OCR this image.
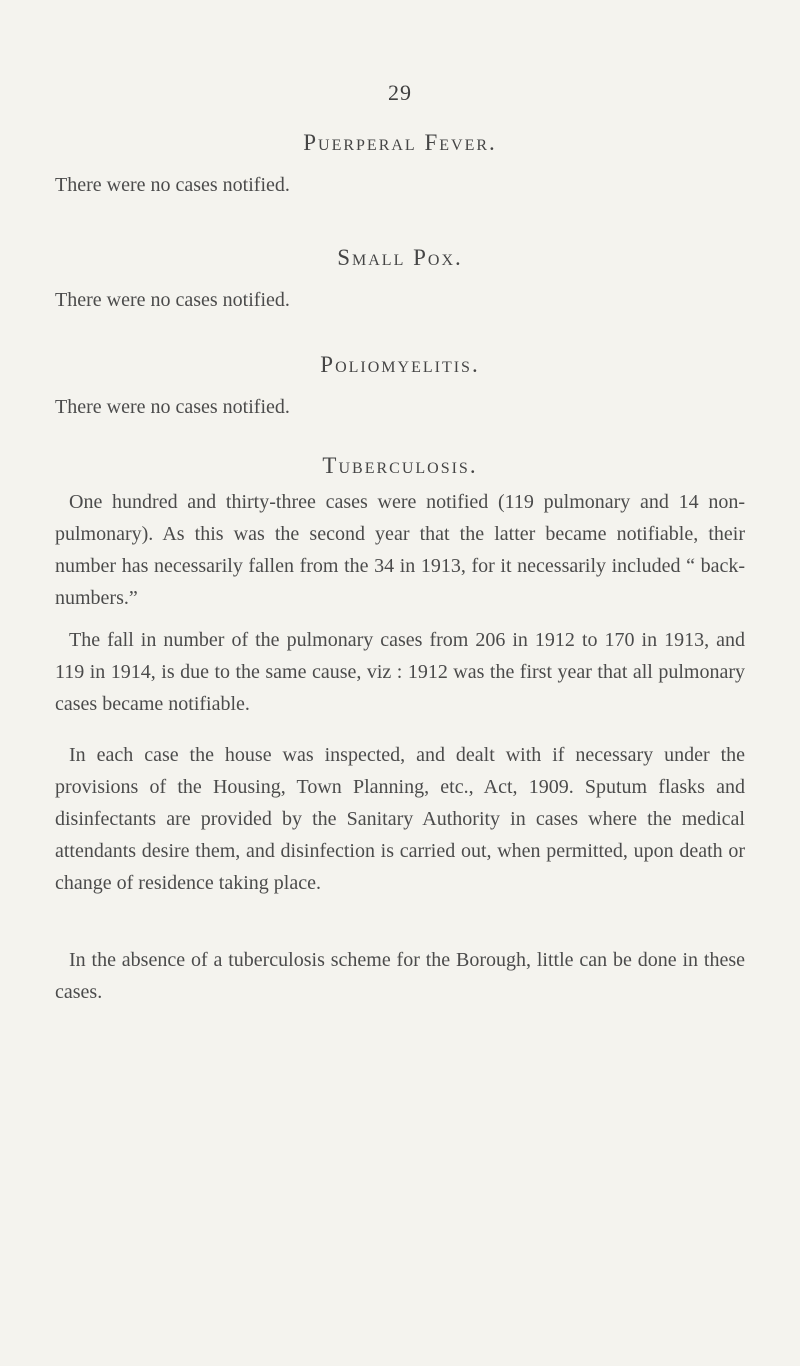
29
Puerperal Fever.
There were no cases notified.
Small Pox.
There were no cases notified.
Poliomyelitis.
There were no cases notified.
Tuberculosis.
One hundred and thirty-three cases were notified (119 pulmonary and 14 non-pulmonary). As this was the second year that the latter became notifiable, their number has necessarily fallen from the 34 in 1913, for it necessarily included “ back-numbers.”
The fall in number of the pulmonary cases from 206 in 1912 to 170 in 1913, and 119 in 1914, is due to the same cause, viz : 1912 was the first year that all pulmonary cases became notifiable.
In each case the house was inspected, and dealt with if necessary under the provisions of the Housing, Town Planning, etc., Act, 1909. Sputum flasks and disinfectants are provided by the Sanitary Authority in cases where the medical attendants desire them, and disinfection is carried out, when permitted, upon death or change of residence taking place.
In the absence of a tuberculosis scheme for the Borough, little can be done in these cases.
